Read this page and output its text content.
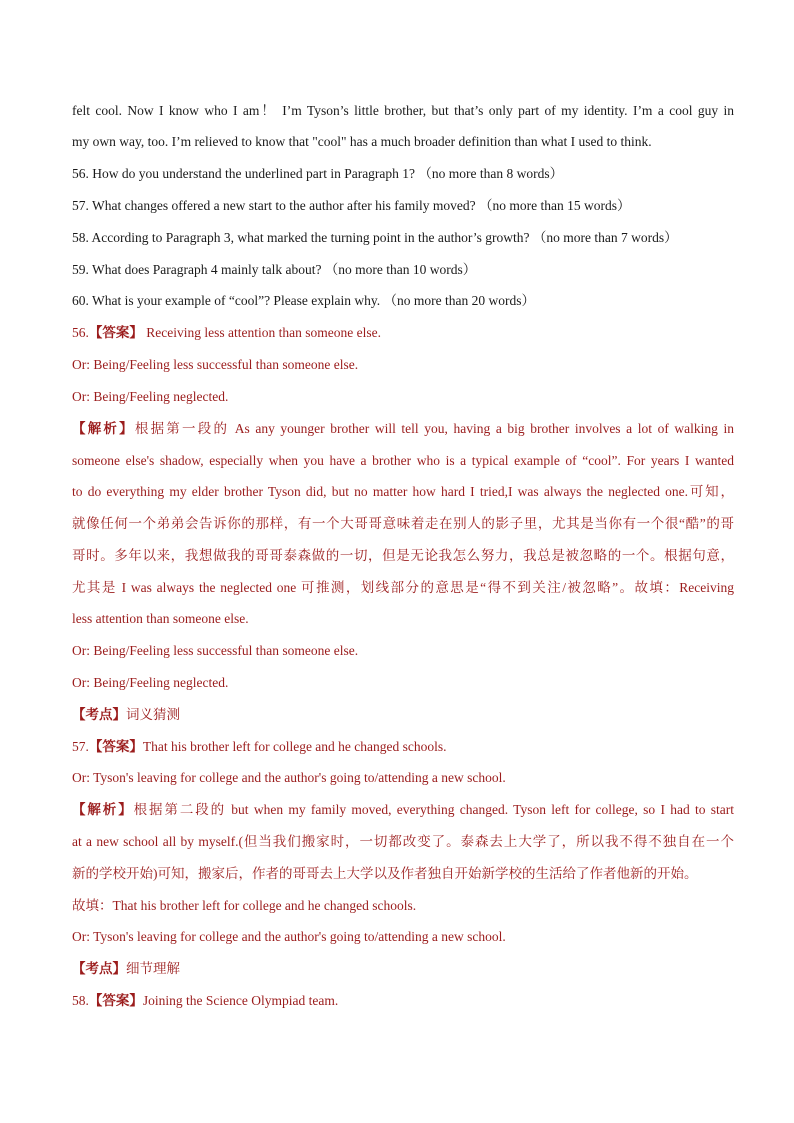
felt cool. Now I know who I am！ I’m Tyson’s little brother, but that’s only part of my identity. I’m a cool guy in
my own way, too. I’m relieved to know that "cool" has a much broader definition than what I used to think.
56. How do you understand the underlined part in Paragraph 1? （no more than 8 words）
57. What changes offered a new start to the author after his family moved? （no more than 15 words）
58. According to Paragraph 3, what marked the turning point in the author’s growth? （no more than 7 words）
59. What does Paragraph 4 mainly talk about? （no more than 10 words）
60. What is your example of “cool”? Please explain why. （no more than 20 words）
56.【答案】 Receiving less attention than someone else.
Or: Being/Feeling less successful than someone else.
Or: Being/Feeling neglected.
【解析】根据第一段的 As any younger brother will tell you, having a big brother involves a lot of walking in
someone else's shadow, especially when you have a brother who is a typical example of “cool”. For years I wanted
to do everything my elder brother Tyson did, but no matter how hard I tried,I was always the neglected one.可知，
就像任何一个弟弟会告诉你的那样，有一个大哥哥意味着走在别人的影子里，尤其是当你有一个很“酷”的哥
哥时。多年以来，我想做我的哥哥泰森做的一切，但是无论我怎么努力，我总是被忽略的一个。根据句意，
尤其是 I was always the neglected one 可推测，划线部分的意思是“得不到关注/被忽略”。故填：Receiving
less attention than someone else.
Or: Being/Feeling less successful than someone else.
Or: Being/Feeling neglected.
【考点】词义猜测
57.【答案】That his brother left for college and he changed schools.
Or: Tyson's leaving for college and the author's going to/attending a new school.
【解析】根据第二段的 but when my family moved, everything changed. Tyson left for college, so I had to start
at a new school all by myself.(但当我们搬家时，一切都改变了。泰森去上大学了，所以我不得不独自在一个
新的学校开始)可知，搬家后，作者的哥哥去上大学以及作者独自开始新学校的生活给了作者他新的开始。
故填：That his brother left for college and he changed schools.
Or: Tyson's leaving for college and the author's going to/attending a new school.
【考点】细节理解
58.【答案】Joining the Science Olympiad team.
